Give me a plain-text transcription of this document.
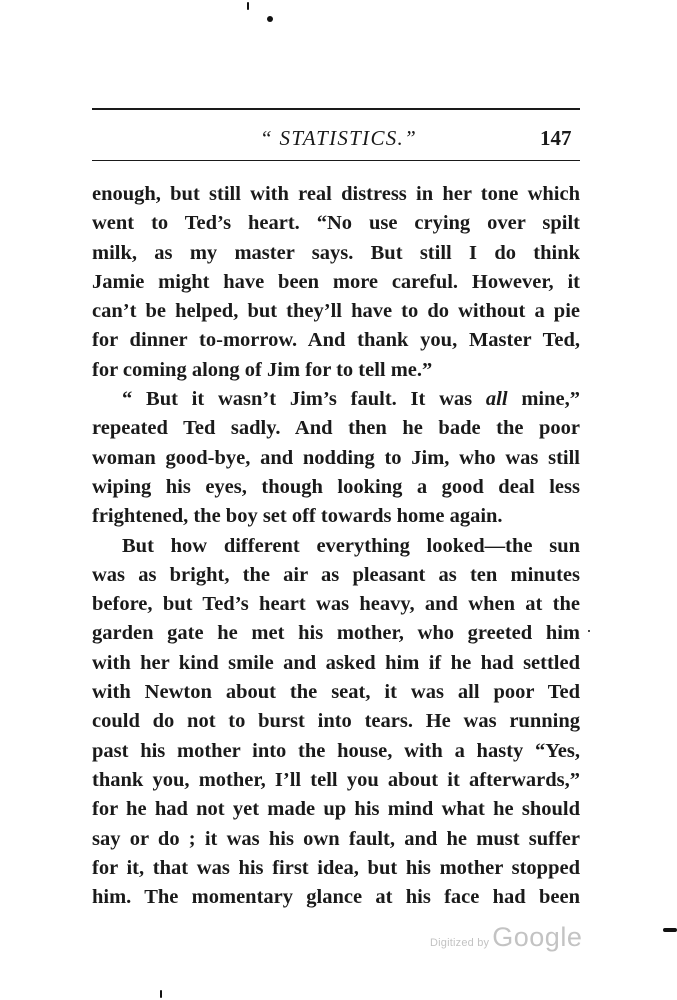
“ STATISTICS.”	147
enough, but still with real distress in her tone which
went to Ted’s heart. “No use crying over spilt
milk, as my master says. But still I do think
Jamie might have been more careful. However, it
can’t be helped, but they’ll have to do without a pie
for dinner to-morrow. And thank you, Master Ted,
for coming along of Jim for to tell me.”
“ But it wasn’t Jim’s fault. It was all mine,”
repeated Ted sadly. And then he bade the poor
woman good-bye, and nodding to Jim, who was still
wiping his eyes, though looking a good deal less
frightened, the boy set off towards home again.
But how different everything looked—the sun
was as bright, the air as pleasant as ten minutes
before, but Ted’s heart was heavy, and when at the
garden gate he met his mother, who greeted him
with her kind smile and asked him if he had settled
with Newton about the seat, it was all poor Ted
could do not to burst into tears. He was running
past his mother into the house, with a hasty “Yes,
thank you, mother, I’ll tell you about it afterwards,”
for he had not yet made up his mind what he should
say or do ; it was his own fault, and he must suffer
for it, that was his first idea, but his mother stopped
him. The momentary glance at his face had been
Digitized by Google
